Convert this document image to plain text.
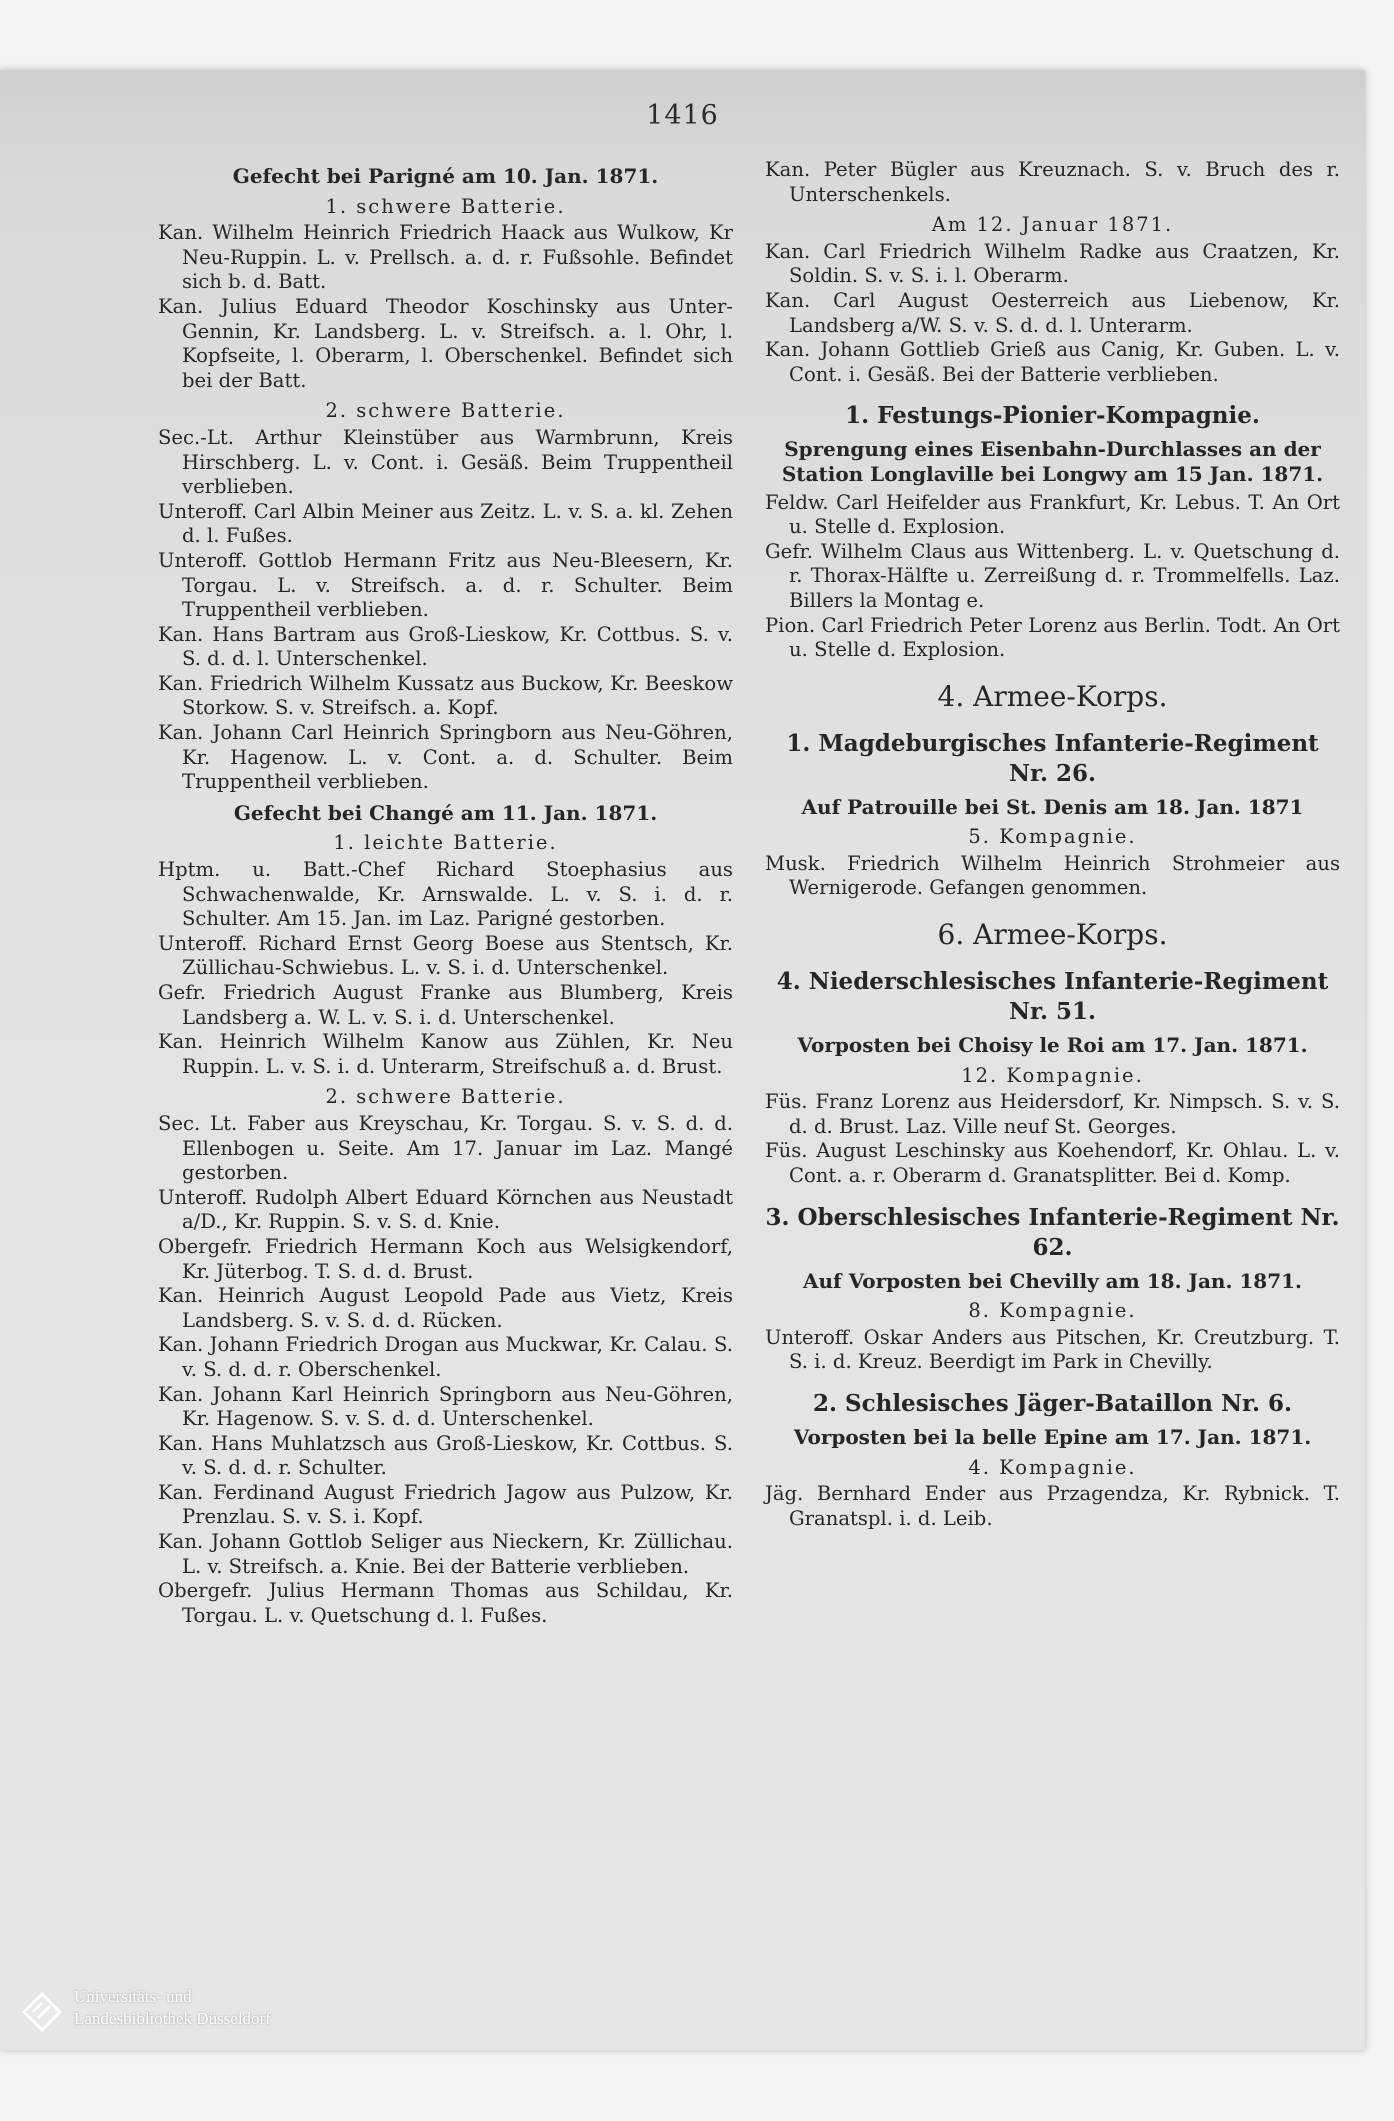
1416
Gefecht bei Parigné am 10. Jan. 1871.
1. schwere Batterie.
Kan. Wilhelm Heinrich Friedrich Haack aus Wulkow, Kr Neu-Ruppin. L. v. Prellsch. a. d. r. Fußsohle. Befindet sich b. d. Batt.
Kan. Julius Eduard Theodor Koschinsky aus Unter-Gennin, Kr. Landsberg. L. v. Streifsch. a. l. Ohr, l. Kopfseite, l. Oberarm, l. Oberschenkel. Befindet sich bei der Batt.
2. schwere Batterie.
Sec.-Lt. Arthur Kleinstüber aus Warmbrunn, Kreis Hirschberg. L. v. Cont. i. Gesäß. Beim Truppentheil verblieben.
Unteroff. Carl Albin Meiner aus Zeitz. L. v. S. a. kl. Zehen d. l. Fußes.
Unteroff. Gottlob Hermann Fritz aus Neu-Bleesern, Kr. Torgau. L. v. Streifsch. a. d. r. Schulter. Beim Truppentheil verblieben.
Kan. Hans Bartram aus Groß-Lieskow, Kr. Cottbus. S. v. S. d. d. l. Unterschenkel.
Kan. Friedrich Wilhelm Kussatz aus Buckow, Kr. Beeskow Storkow. S. v. Streifsch. a. Kopf.
Kan. Johann Carl Heinrich Springborn aus Neu-Göhren, Kr. Hagenow. L. v. Cont. a. d. Schulter. Beim Truppentheil verblieben.
Gefecht bei Changé am 11. Jan. 1871.
1. leichte Batterie.
Hptm. u. Batt.-Chef Richard Stoephasius aus Schwachenwalde, Kr. Arnswalde. L. v. S. i. d. r. Schulter. Am 15. Jan. im Laz. Parigné gestorben.
Unteroff. Richard Ernst Georg Boese aus Stentsch, Kr. Züllichau-Schwiebus. L. v. S. i. d. Unterschenkel.
Gefr. Friedrich August Franke aus Blumberg, Kreis Landsberg a. W. L. v. S. i. d. Unterschenkel.
Kan. Heinrich Wilhelm Kanow aus Zühlen, Kr. Neu Ruppin. L. v. S. i. d. Unterarm, Streifschuß a. d. Brust.
2. schwere Batterie.
Sec. Lt. Faber aus Kreyschau, Kr. Torgau. S. v. S. d. d. Ellenbogen u. Seite. Am 17. Januar im Laz. Mangé gestorben.
Unteroff. Rudolph Albert Eduard Körnchen aus Neustadt a/D., Kr. Ruppin. S. v. S. d. Knie.
Obergefr. Friedrich Hermann Koch aus Welsigkendorf, Kr. Jüterbog. T. S. d. d. Brust.
Kan. Heinrich August Leopold Pade aus Vietz, Kreis Landsberg. S. v. S. d. d. Rücken.
Kan. Johann Friedrich Drogan aus Muckwar, Kr. Calau. S. v. S. d. d. r. Oberschenkel.
Kan. Johann Karl Heinrich Springborn aus Neu-Göhren, Kr. Hagenow. S. v. S. d. d. Unterschenkel.
Kan. Hans Muhlatzsch aus Groß-Lieskow, Kr. Cottbus. S. v. S. d. d. r. Schulter.
Kan. Ferdinand August Friedrich Jagow aus Pulzow, Kr. Prenzlau. S. v. S. i. Kopf.
Kan. Johann Gottlob Seliger aus Nieckern, Kr. Züllichau. L. v. Streifsch. a. Knie. Bei der Batterie verblieben.
Obergefr. Julius Hermann Thomas aus Schildau, Kr. Torgau. L. v. Quetschung d. l. Fußes.
Kan. Peter Bügler aus Kreuznach. S. v. Bruch des r. Unterschenkels.
Am 12. Januar 1871.
Kan. Carl Friedrich Wilhelm Radke aus Craatzen, Kr. Soldin. S. v. S. i. l. Oberarm.
Kan. Carl August Oesterreich aus Liebenow, Kr. Landsberg a/W. S. v. S. d. d. l. Unterarm.
Kan. Johann Gottlieb Grieß aus Canig, Kr. Guben. L. v. Cont. i. Gesäß. Bei der Batterie verblieben.
1. Festungs-Pionier-Kompagnie.
Sprengung eines Eisenbahn-Durchlasses an der Station Longlaville bei Longwy am 15 Jan. 1871.
Feldw. Carl Heifelder aus Frankfurt, Kr. Lebus. T. An Ort u. Stelle d. Explosion.
Gefr. Wilhelm Claus aus Wittenberg. L. v. Quetschung d. r. Thorax-Hälfte u. Zerreißung d. r. Trommelfells. Laz. Billers la Montag e.
Pion. Carl Friedrich Peter Lorenz aus Berlin. Todt. An Ort u. Stelle d. Explosion.
4. Armee-Korps.
1. Magdeburgisches Infanterie-Regiment Nr. 26.
Auf Patrouille bei St. Denis am 18. Jan. 1871
5. Kompagnie.
Musk. Friedrich Wilhelm Heinrich Strohmeier aus Wernigerode. Gefangen genommen.
6. Armee-Korps.
4. Niederschlesisches Infanterie-Regiment Nr. 51.
Vorposten bei Choisy le Roi am 17. Jan. 1871.
12. Kompagnie.
Füs. Franz Lorenz aus Heidersdorf, Kr. Nimpsch. S. v. S. d. d. Brust. Laz. Ville neuf St. Georges.
Füs. August Leschinsky aus Koehendorf, Kr. Ohlau. L. v. Cont. a. r. Oberarm d. Granatsplitter. Bei d. Komp.
3. Oberschlesisches Infanterie-Regiment Nr. 62.
Auf Vorposten bei Chevilly am 18. Jan. 1871.
8. Kompagnie.
Unteroff. Oskar Anders aus Pitschen, Kr. Creutzburg. T. S. i. d. Kreuz. Beerdigt im Park in Chevilly.
2. Schlesisches Jäger-Bataillon Nr. 6.
Vorposten bei la belle Epine am 17. Jan. 1871.
4. Kompagnie.
Jäg. Bernhard Ender aus Przagendza, Kr. Rybnick. T. Granatspl. i. d. Leib.
Universitäts- und
Landesbibliothek Düsseldorf
